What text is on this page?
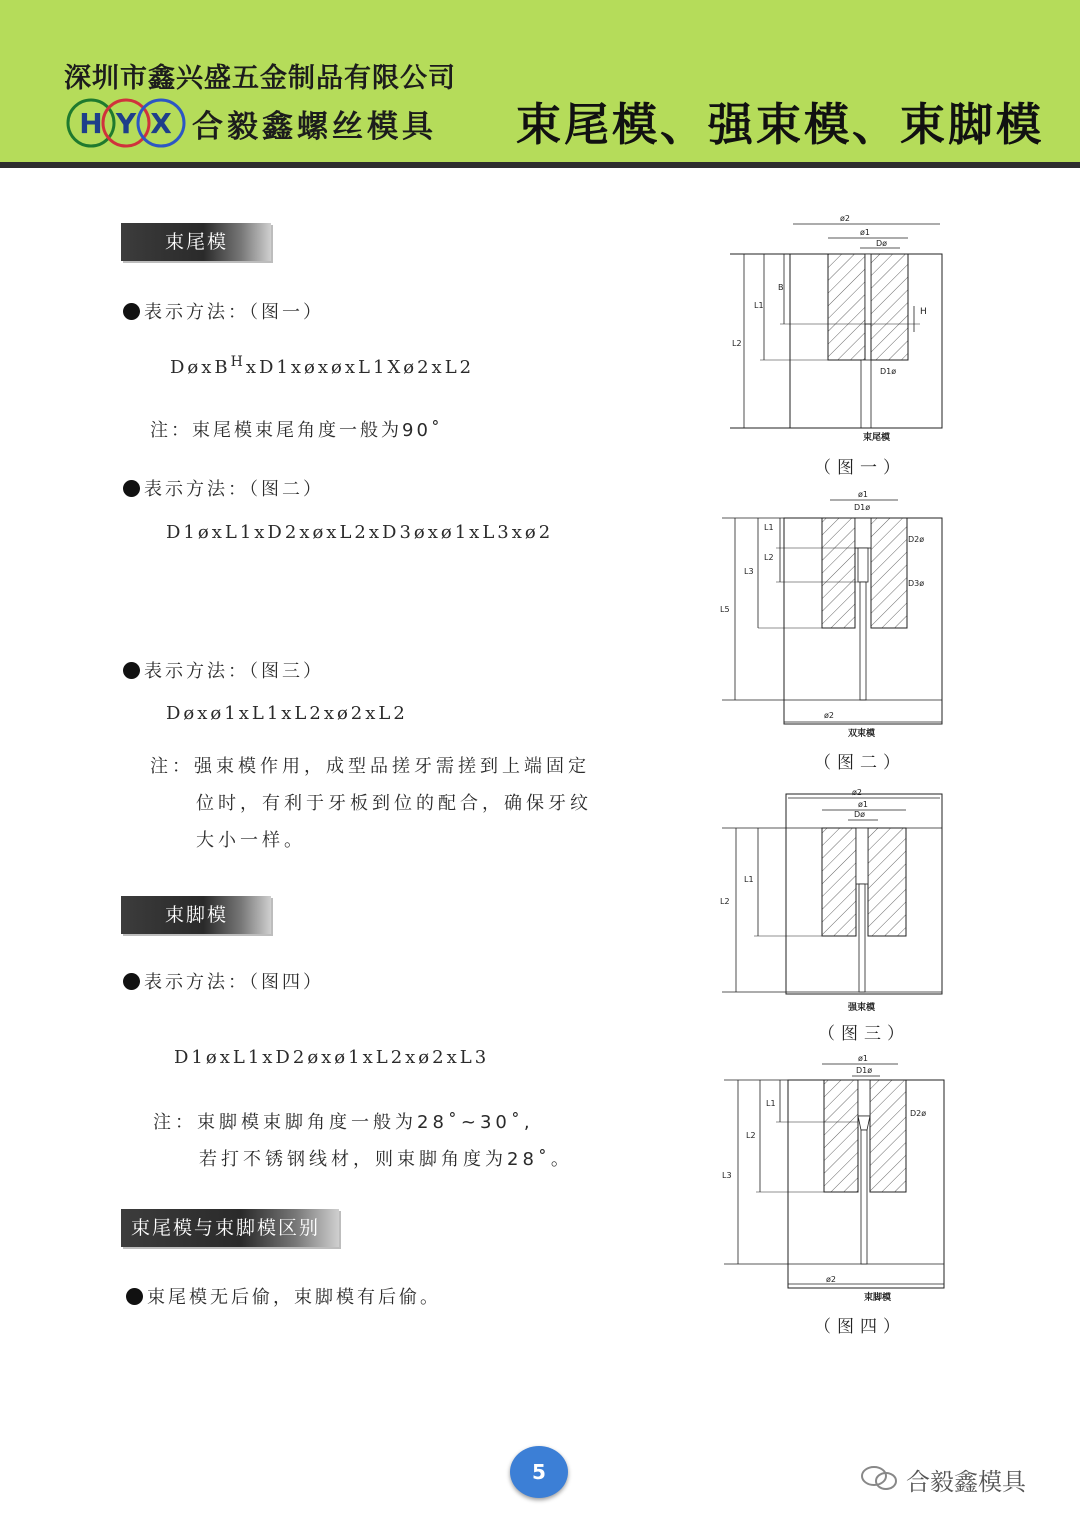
深圳市鑫兴盛五金制品有限公司
H Y X 合毅鑫螺丝模具 束尾模、强束模、束脚模
束尾模
表示方法：（图一）
DøxB$^H$xD1xøxøxL1Xø2xL2
注：束尾模束尾角度一般为90˚
表示方法：（图二）
D1øxL1xD2xøxL2xD3øxø1xL3xø2
表示方法：（图三）
Døxø1xL1xL2xø2xL2
注：强束模作用，成型品搓牙需搓到上端固定
位时，有利于牙板到位的配合，确保牙纹
大小一样。
束脚模
表示方法：（图四）
D1øxL1xD2øxø1xL2xø2xL3
注：束脚模束脚角度一般为28˚~30˚,
若打不锈钢线材，则束脚角度为28˚。
束尾模与束脚模区别
束尾模无后偷，束脚模有后偷。
ø2
ø1
Dø
B
H
L1
L2
D1ø
束尾模
（图一）
ø1
D1ø
D2ø
D3ø
L1
L2
L3
L5
ø2
双束模
（图二）
ø2
ø1
Dø
L1
L2
强束模
（图三）
ø1
D1ø
D2ø
L1
L2
L3
ø2
束脚模
（图四）
5	合毅鑫模具
